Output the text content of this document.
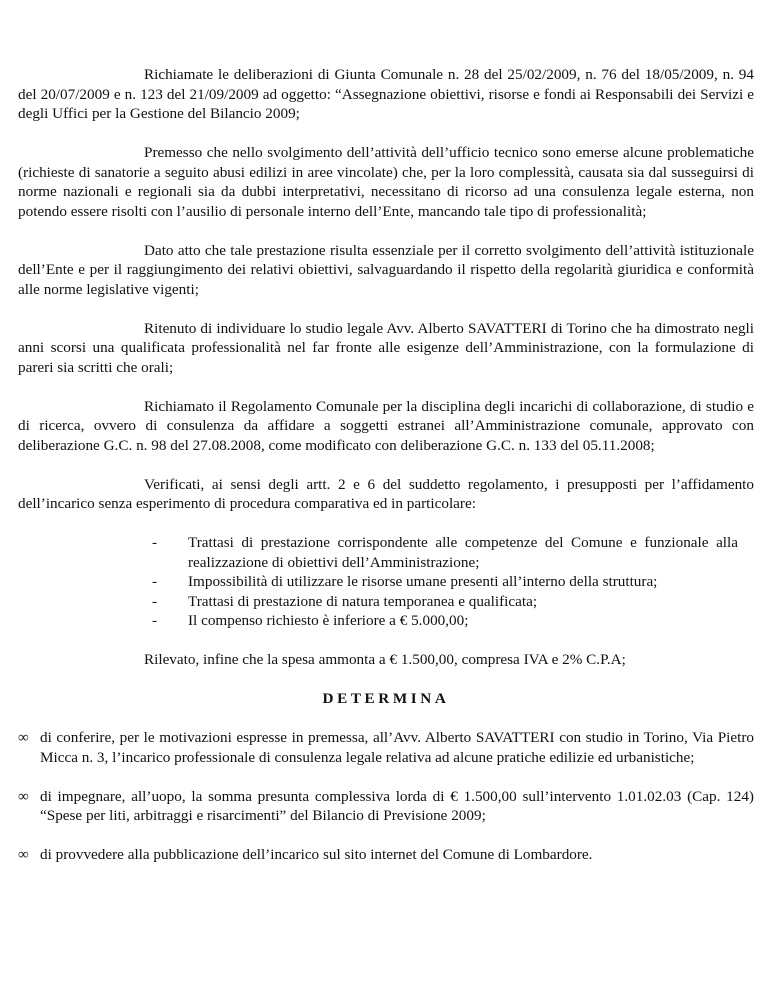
Richiamate le deliberazioni di Giunta Comunale n. 28 del 25/02/2009, n. 76 del 18/05/2009, n. 94 del 20/07/2009 e n. 123 del 21/09/2009 ad oggetto: “Assegnazione obiettivi, risorse e fondi ai Responsabili dei Servizi e degli Uffici per la Gestione del Bilancio 2009;

Premesso che nello svolgimento dell’attività dell’ufficio tecnico sono emerse alcune problematiche (richieste di sanatorie a seguito abusi edilizi in aree vincolate) che, per la loro complessità, causata sia dal susseguirsi di norme nazionali e regionali sia da dubbi interpretativi, necessitano di ricorso ad una consulenza legale esterna, non potendo essere risolti con l’ausilio di personale interno dell’Ente, mancando tale tipo di professionalità;

Dato atto che tale prestazione risulta essenziale per il corretto svolgimento dell’attività istituzionale dell’Ente e per il raggiungimento dei relativi obiettivi, salvaguardando il rispetto della regolarità giuridica e conformità alle norme legislative vigenti;

Ritenuto di individuare lo studio legale Avv. Alberto SAVATTERI di Torino che ha dimostrato negli anni scorsi una qualificata professionalità nel far fronte alle esigenze dell’Amministrazione, con la formulazione di pareri sia scritti che orali;

Richiamato il Regolamento Comunale per la disciplina degli incarichi di collaborazione, di studio e di ricerca, ovvero di consulenza da affidare a soggetti estranei all’Amministrazione comunale, approvato con deliberazione G.C. n. 98 del 27.08.2008, come modificato con deliberazione G.C. n. 133 del 05.11.2008;

Verificati, ai sensi degli artt. 2 e 6 del suddetto regolamento, i presupposti per l’affidamento dell’incarico senza esperimento di procedura comparativa ed in particolare:

- Trattasi di prestazione corrispondente alle competenze del Comune e funzionale alla realizzazione di obiettivi dell’Amministrazione;
- Impossibilità di utilizzare le risorse umane presenti all’interno della struttura;
- Trattasi di prestazione di natura temporanea e qualificata;
- Il compenso richiesto è inferiore a € 5.000,00;

Rilevato, infine che la spesa ammonta a € 1.500,00, compresa IVA e 2% C.P.A;

DETERMINA

∞ di conferire, per le motivazioni espresse in premessa, all’Avv. Alberto SAVATTERI con studio in Torino, Via Pietro Micca n. 3, l’incarico professionale di consulenza legale relativa ad alcune pratiche edilizie ed urbanistiche;
∞ di impegnare, all’uopo, la somma presunta complessiva lorda di € 1.500,00 sull’intervento 1.01.02.03 (Cap. 124) “Spese per liti, arbitraggi e risarcimenti” del Bilancio di Previsione 2009;
∞ di provvedere alla pubblicazione dell’incarico sul sito internet del Comune di Lombardore.
